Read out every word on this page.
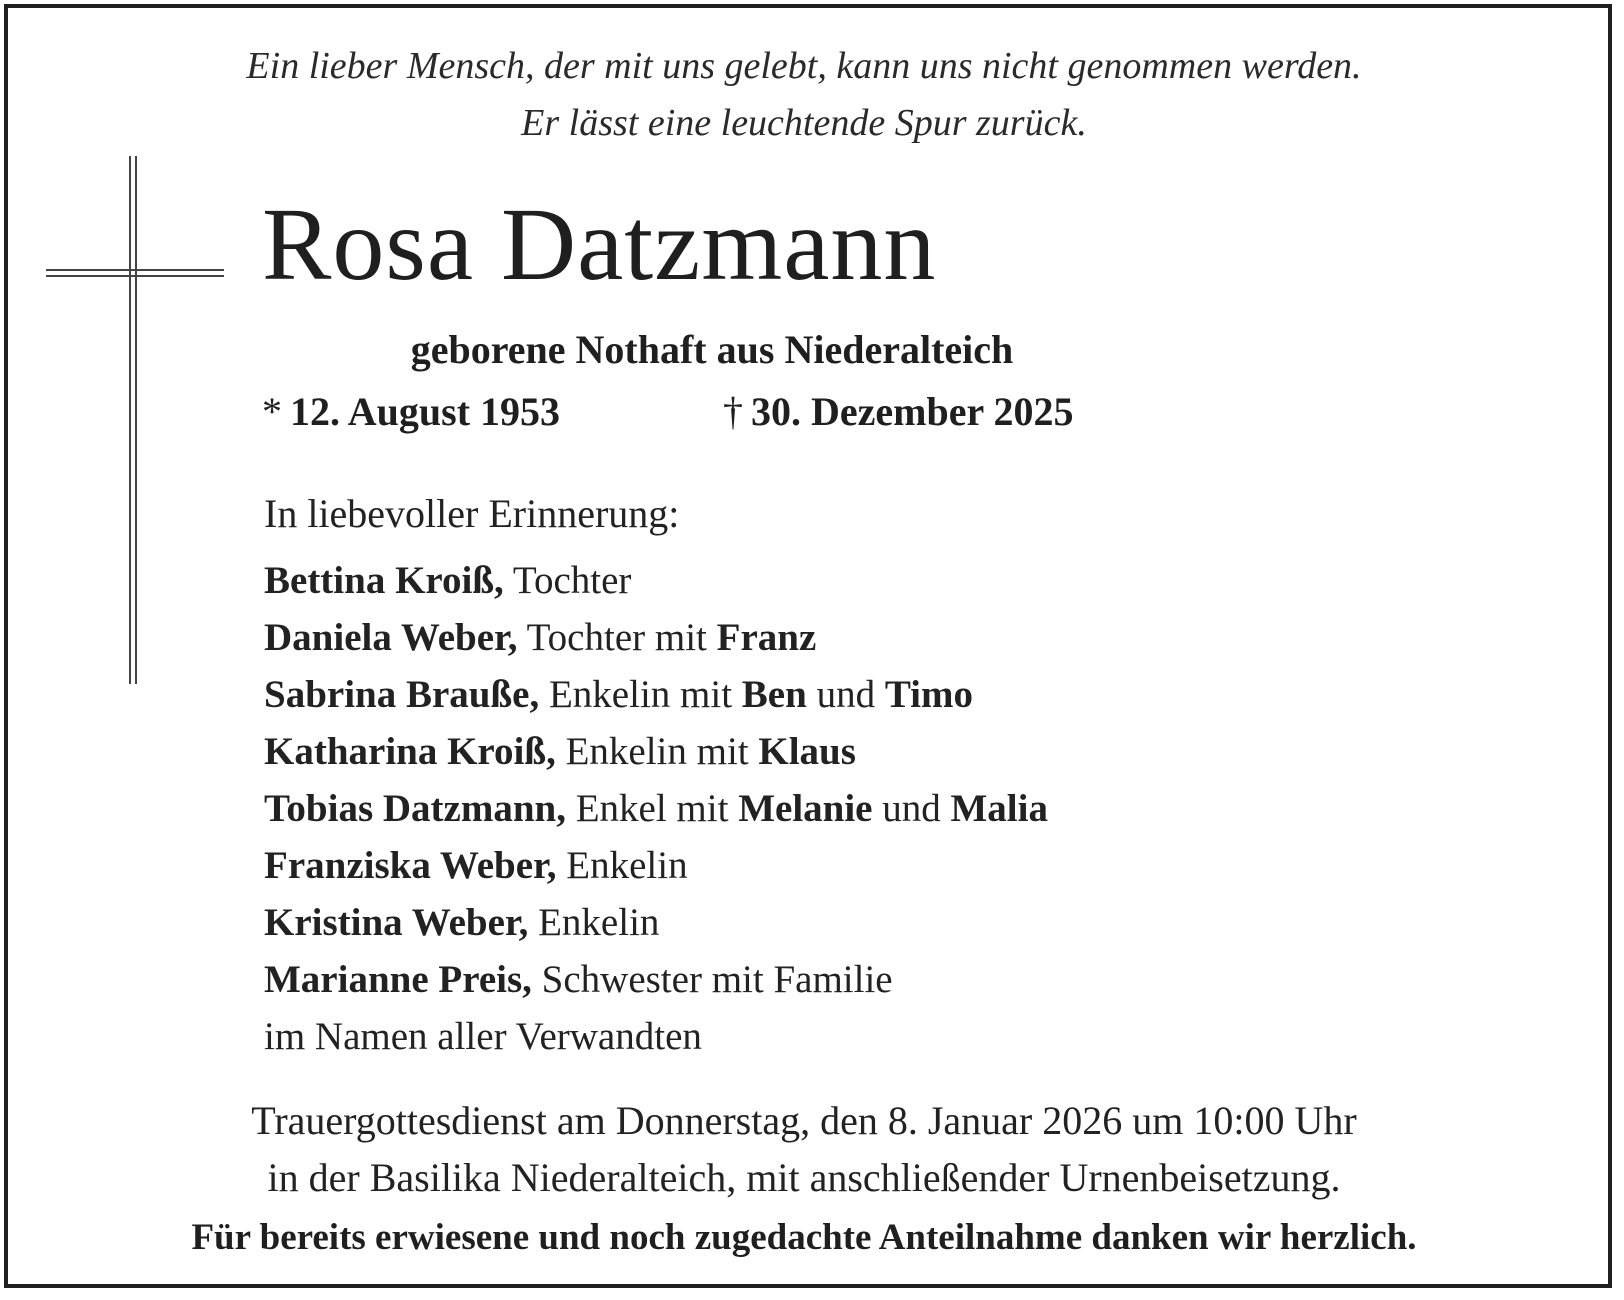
Ein lieber Mensch, der mit uns gelebt, kann uns nicht genommen werden.
Er lässt eine leuchtende Spur zurück.
Rosa Datzmann
geborene Nothaft aus Niederalteich
* 12. August 1953	† 30. Dezember 2025
In liebevoller Erinnerung:
Bettina Kroiß, Tochter
Daniela Weber, Tochter mit Franz
Sabrina Brauße, Enkelin mit Ben und Timo
Katharina Kroiß, Enkelin mit Klaus
Tobias Datzmann, Enkel mit Melanie und Malia
Franziska Weber, Enkelin
Kristina Weber, Enkelin
Marianne Preis, Schwester mit Familie
im Namen aller Verwandten
Trauergottesdienst am Donnerstag, den 8. Januar 2026 um 10:00 Uhr
in der Basilika Niederalteich, mit anschließender Urnenbeisetzung.
Für bereits erwiesene und noch zugedachte Anteilnahme danken wir herzlich.
